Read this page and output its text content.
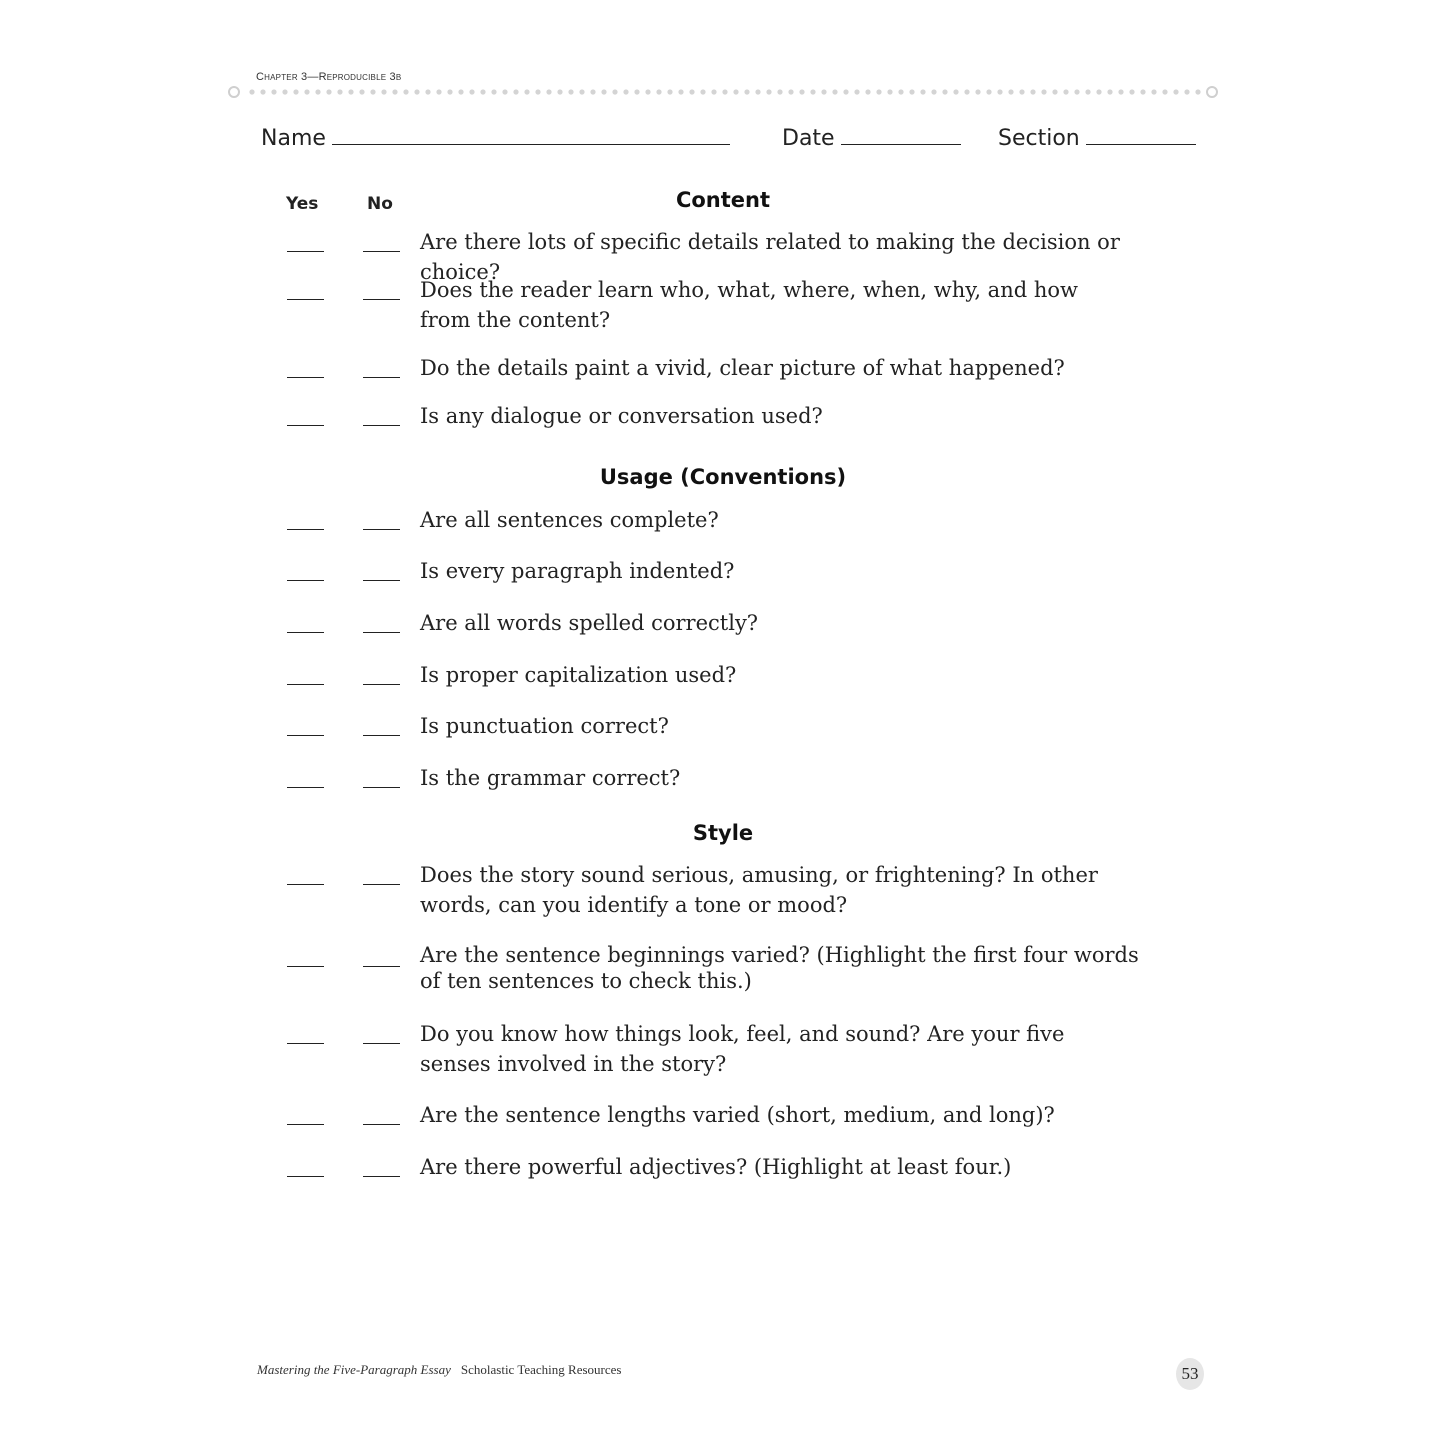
Chapter 3—Reproducible 3b
Name	Date	Section
Yes	No	Content
Are there lots of specific details related to making the decision or choice?
Does the reader learn who, what, where, when, why, and how from the content?
Do the details paint a vivid, clear picture of what happened?
Is any dialogue or conversation used?
Usage (Conventions)
Are all sentences complete?
Is every paragraph indented?
Are all words spelled correctly?
Is proper capitalization used?
Is punctuation correct?
Is the grammar correct?
Style
Does the story sound serious, amusing, or frightening? In other words, can you identify a tone or mood?
Are the sentence beginnings varied? (Highlight the first four words of ten sentences to check this.)
Do you know how things look, feel, and sound? Are your five senses involved in the story?
Are the sentence lengths varied (short, medium, and long)?
Are there powerful adjectives? (Highlight at least four.)
Mastering the Five-Paragraph Essay Scholastic Teaching Resources	53
